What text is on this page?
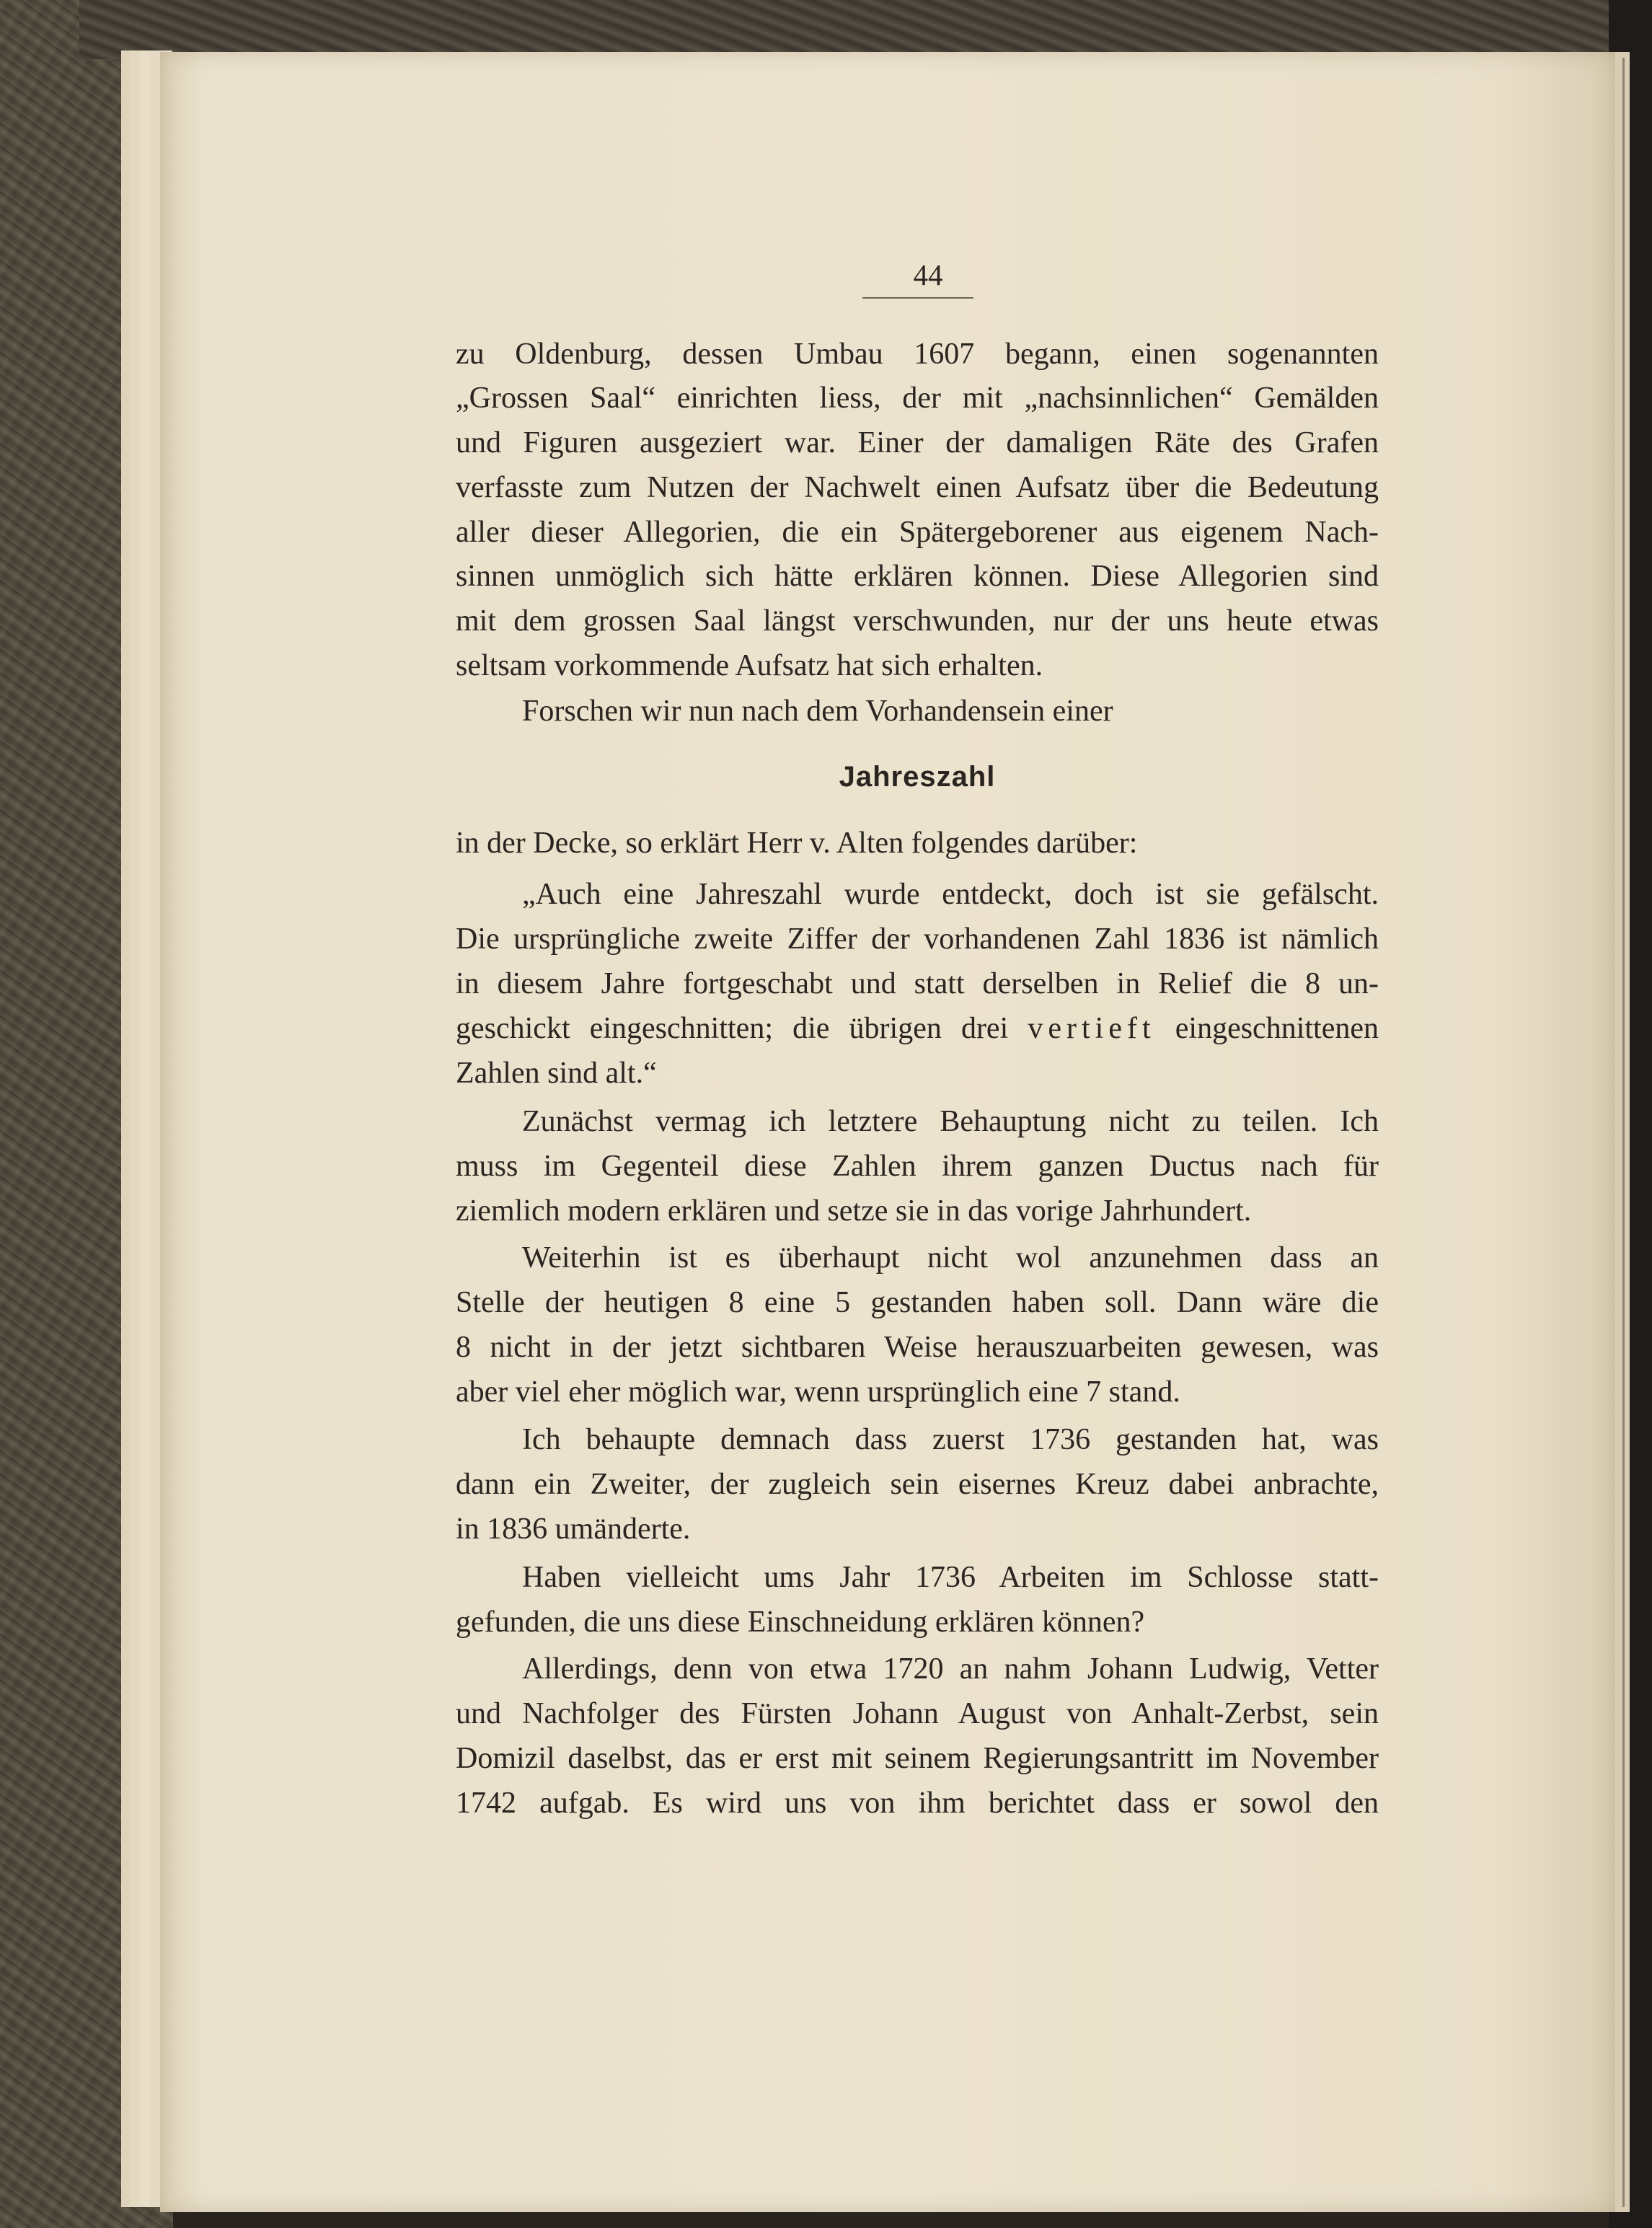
44
zu Oldenburg, dessen Umbau 1607 begann, einen sogenannten
„Grossen Saal“ einrichten liess, der mit „nachsinnlichen“ Gemälden
und Figuren ausgeziert war. Einer der damaligen Räte des Grafen
verfasste zum Nutzen der Nachwelt einen Aufsatz über die Bedeutung
aller dieser Allegorien, die ein Spätergeborener aus eigenem Nach-
sinnen unmöglich sich hätte erklären können. Diese Allegorien sind
mit dem grossen Saal längst verschwunden, nur der uns heute etwas
seltsam vorkommende Aufsatz hat sich erhalten.
Forschen wir nun nach dem Vorhandensein einer
Jahreszahl
in der Decke, so erklärt Herr v. Alten folgendes darüber:
„Auch eine Jahreszahl wurde entdeckt, doch ist sie gefälscht.
Die ursprüngliche zweite Ziffer der vorhandenen Zahl 1836 ist nämlich
in diesem Jahre fortgeschabt und statt derselben in Relief die 8 un-
geschickt eingeschnitten; die übrigen drei vertieft eingeschnittenen
Zahlen sind alt.“
Zunächst vermag ich letztere Behauptung nicht zu teilen. Ich
muss im Gegenteil diese Zahlen ihrem ganzen Ductus nach für
ziemlich modern erklären und setze sie in das vorige Jahrhundert.
Weiterhin ist es überhaupt nicht wol anzunehmen dass an
Stelle der heutigen 8 eine 5 gestanden haben soll. Dann wäre die
8 nicht in der jetzt sichtbaren Weise herauszuarbeiten gewesen, was
aber viel eher möglich war, wenn ursprünglich eine 7 stand.
Ich behaupte demnach dass zuerst 1736 gestanden hat, was
dann ein Zweiter, der zugleich sein eisernes Kreuz dabei anbrachte,
in 1836 umänderte.
Haben vielleicht ums Jahr 1736 Arbeiten im Schlosse statt-
gefunden, die uns diese Einschneidung erklären können?
Allerdings, denn von etwa 1720 an nahm Johann Ludwig, Vetter
und Nachfolger des Fürsten Johann August von Anhalt-Zerbst, sein
Domizil daselbst, das er erst mit seinem Regierungsantritt im November
1742 aufgab. Es wird uns von ihm berichtet dass er sowol den
